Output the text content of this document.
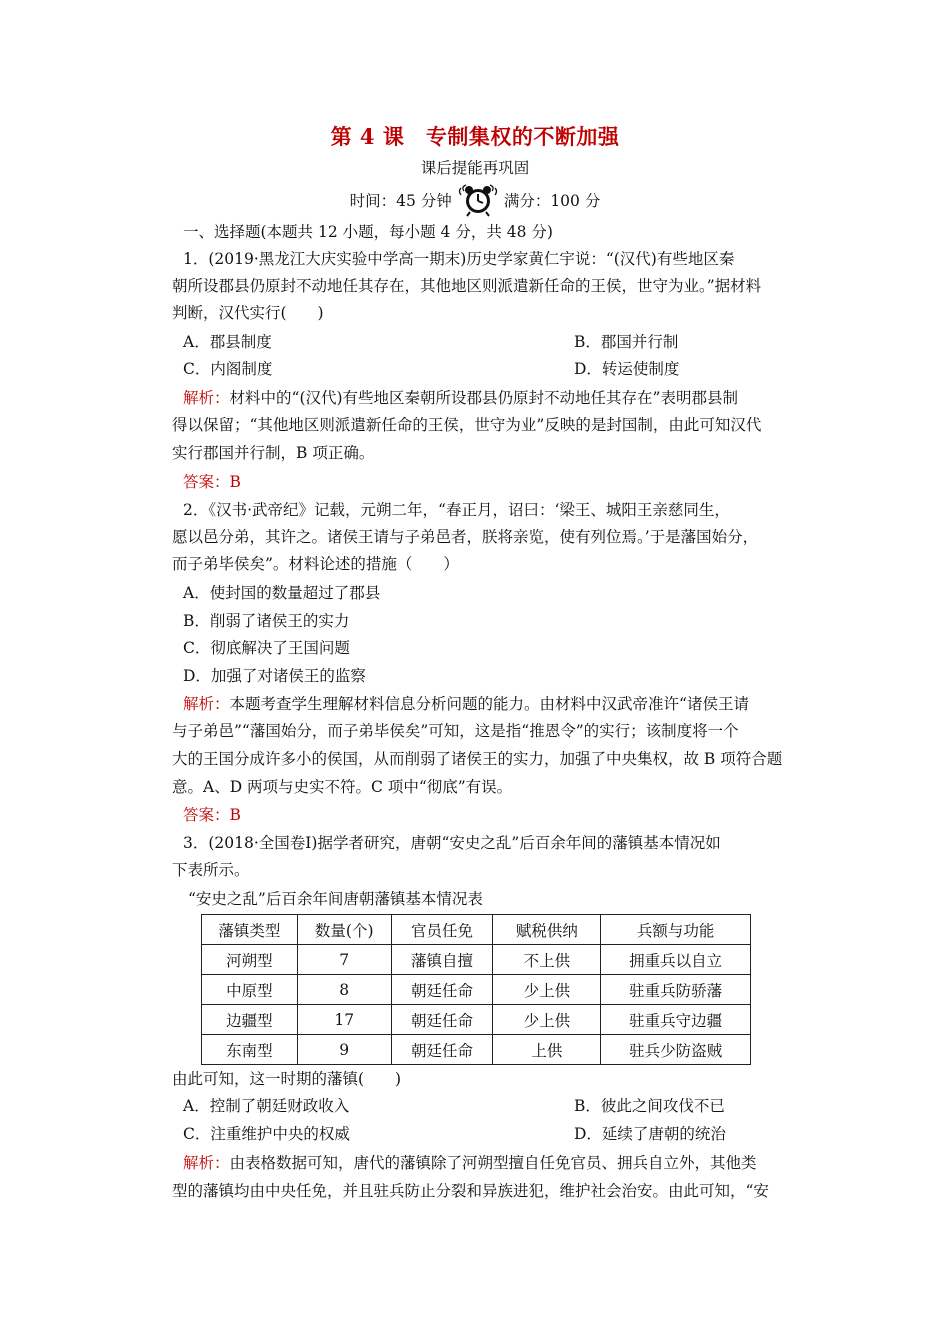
第 4 课　专制集权的不断加强
课后提能再巩固
时间：45 分钟	满分：100 分
一、选择题(本题共 12 小题，每小题 4 分，共 48 分)
1．(2019·黑龙江大庆实验中学高一期末)历史学家黄仁宇说：“(汉代)有些地区秦
朝所设郡县仍原封不动地任其存在，其他地区则派遣新任命的王侯，世守为业。”据材料
判断，汉代实行(　　)
A．郡县制度	B．郡国并行制
C．内阁制度	D．转运使制度
解析：材料中的“(汉代)有些地区秦朝所设郡县仍原封不动地任其存在”表明郡县制
得以保留；“其他地区则派遣新任命的王侯，世守为业”反映的是封国制，由此可知汉代
实行郡国并行制，B 项正确。
答案：B
2．《汉书·武帝纪》记载，元朔二年，“春正月，诏曰：‘梁王、城阳王亲慈同生，
愿以邑分弟，其许之。诸侯王请与子弟邑者，朕将亲览，使有列位焉。’于是藩国始分，
而子弟毕侯矣”。材料论述的措施（　　）
A．使封国的数量超过了郡县
B．削弱了诸侯王的实力
C．彻底解决了王国问题
D．加强了对诸侯王的监察
解析：本题考查学生理解材料信息分析问题的能力。由材料中汉武帝准许“诸侯王请
与子弟邑”“藩国始分，而子弟毕侯矣”可知，这是指“推恩令”的实行；该制度将一个
大的王国分成许多小的侯国，从而削弱了诸侯王的实力，加强了中央集权，故 B 项符合题
意。A、D 两项与史实不符。C 项中“彻底”有误。
答案：B
3．(2018·全国卷Ⅰ)据学者研究，唐朝“安史之乱”后百余年间的藩镇基本情况如
下表所示。
“安史之乱”后百余年间唐朝藩镇基本情况表
藩镇类型	数量(个)	官员任免	赋税供纳	兵额与功能
河朔型	7	藩镇自擅	不上供	拥重兵以自立
中原型	8	朝廷任命	少上供	驻重兵防骄藩
边疆型	17	朝廷任命	少上供	驻重兵守边疆
东南型	9	朝廷任命	上供	驻兵少防盗贼
由此可知，这一时期的藩镇(　　)
A．控制了朝廷财政收入	B．彼此之间攻伐不已
C．注重维护中央的权威	D．延续了唐朝的统治
解析：由表格数据可知，唐代的藩镇除了河朔型擅自任免官员、拥兵自立外，其他类
型的藩镇均由中央任免，并且驻兵防止分裂和异族进犯，维护社会治安。由此可知，“安
